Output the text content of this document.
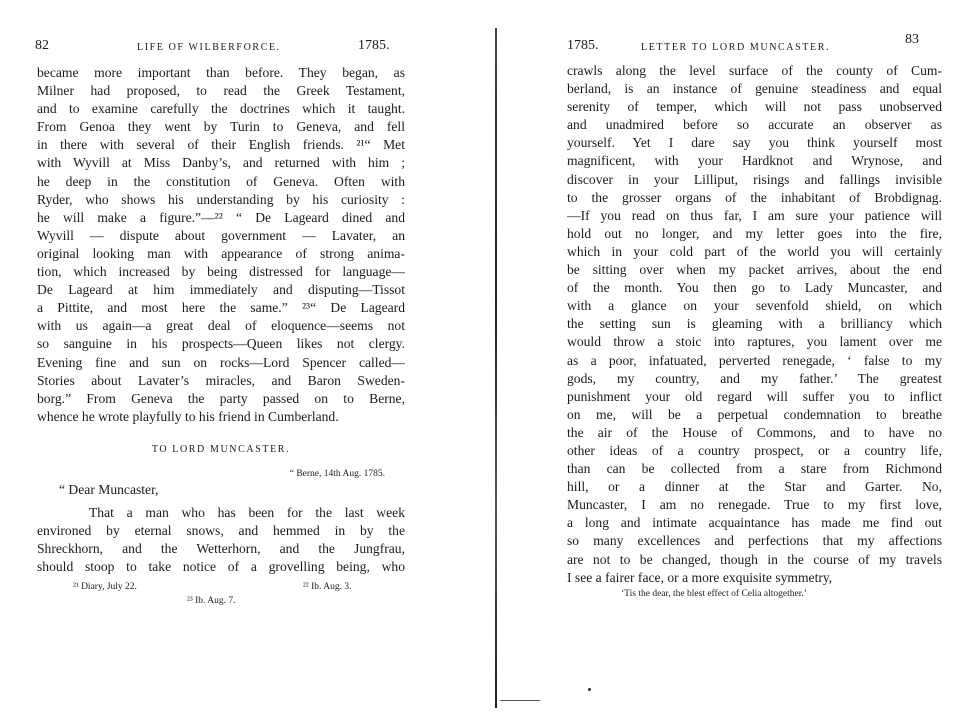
82	LIFE OF WILBERFORCE.	1785.
became more important than before. They began, as
Milner had proposed, to read the Greek Testament,
and to examine carefully the doctrines which it taught.
From Genoa they went by Turin to Geneva, and fell
in there with several of their English friends. ²¹“ Met
with Wyvill at Miss Danby’s, and returned with him ;
he deep in the constitution of Geneva. Often with
Ryder, who shows his understanding by his curiosity :
he will make a figure.”—²² “ De Lageard dined and
Wyvill — dispute about government — Lavater, an
original looking man with appearance of strong anima-
tion, which increased by being distressed for language—
De Lageard at him immediately and disputing—Tissot
a Pittite, and most here the same.” ²³“ De Lageard
with us again—a great deal of eloquence—seems not
so sanguine in his prospects—Queen likes not clergy.
Evening fine and sun on rocks—Lord Spencer called—
Stories about Lavater’s miracles, and Baron Sweden-
borg.” From Geneva the party passed on to Berne,
whence he wrote playfully to his friend in Cumberland.
TO LORD MUNCASTER.
“ Berne, 14th Aug. 1785.
“ Dear Muncaster,
That a man who has been for the last week
environed by eternal snows, and hemmed in by the
Shreckhorn, and the Wetterhorn, and the Jungfrau,
should stoop to take notice of a grovelling being, who
²¹ Diary, July 22.	²² Ib. Aug. 3.
²³ Ib. Aug. 7.
1785.	LETTER TO LORD MUNCASTER.
83
crawls along the level surface of the county of Cum-
berland, is an instance of genuine steadiness and equal
serenity of temper, which will not pass unobserved
and unadmired before so accurate an observer as
yourself. Yet I dare say you think yourself most
magnificent, with your Hardknot and Wrynose, and
discover in your Lilliput, risings and fallings invisible
to the grosser organs of the inhabitant of Brobdignag.
—If you read on thus far, I am sure your patience will
hold out no longer, and my letter goes into the fire,
which in your cold part of the world you will certainly
be sitting over when my packet arrives, about the end
of the month. You then go to Lady Muncaster, and
with a glance on your sevenfold shield, on which
the setting sun is gleaming with a brilliancy which
would throw a stoic into raptures, you lament over me
as a poor, infatuated, perverted renegade, ‘ false to my
gods, my country, and my father.’ The greatest
punishment your old regard will suffer you to inflict
on me, will be a perpetual condemnation to breathe
the air of the House of Commons, and to have no
other ideas of a country prospect, or a country life,
than can be collected from a stare from Richmond
hill, or a dinner at the Star and Garter. No,
Muncaster, I am no renegade. True to my first love,
a long and intimate acquaintance has made me find out
so many excellences and perfections that my affections
are not to be changed, though in the course of my travels
I see a fairer face, or a more exquisite symmetry,
‘Tis the dear, the blest effect of Celia altogether.’
